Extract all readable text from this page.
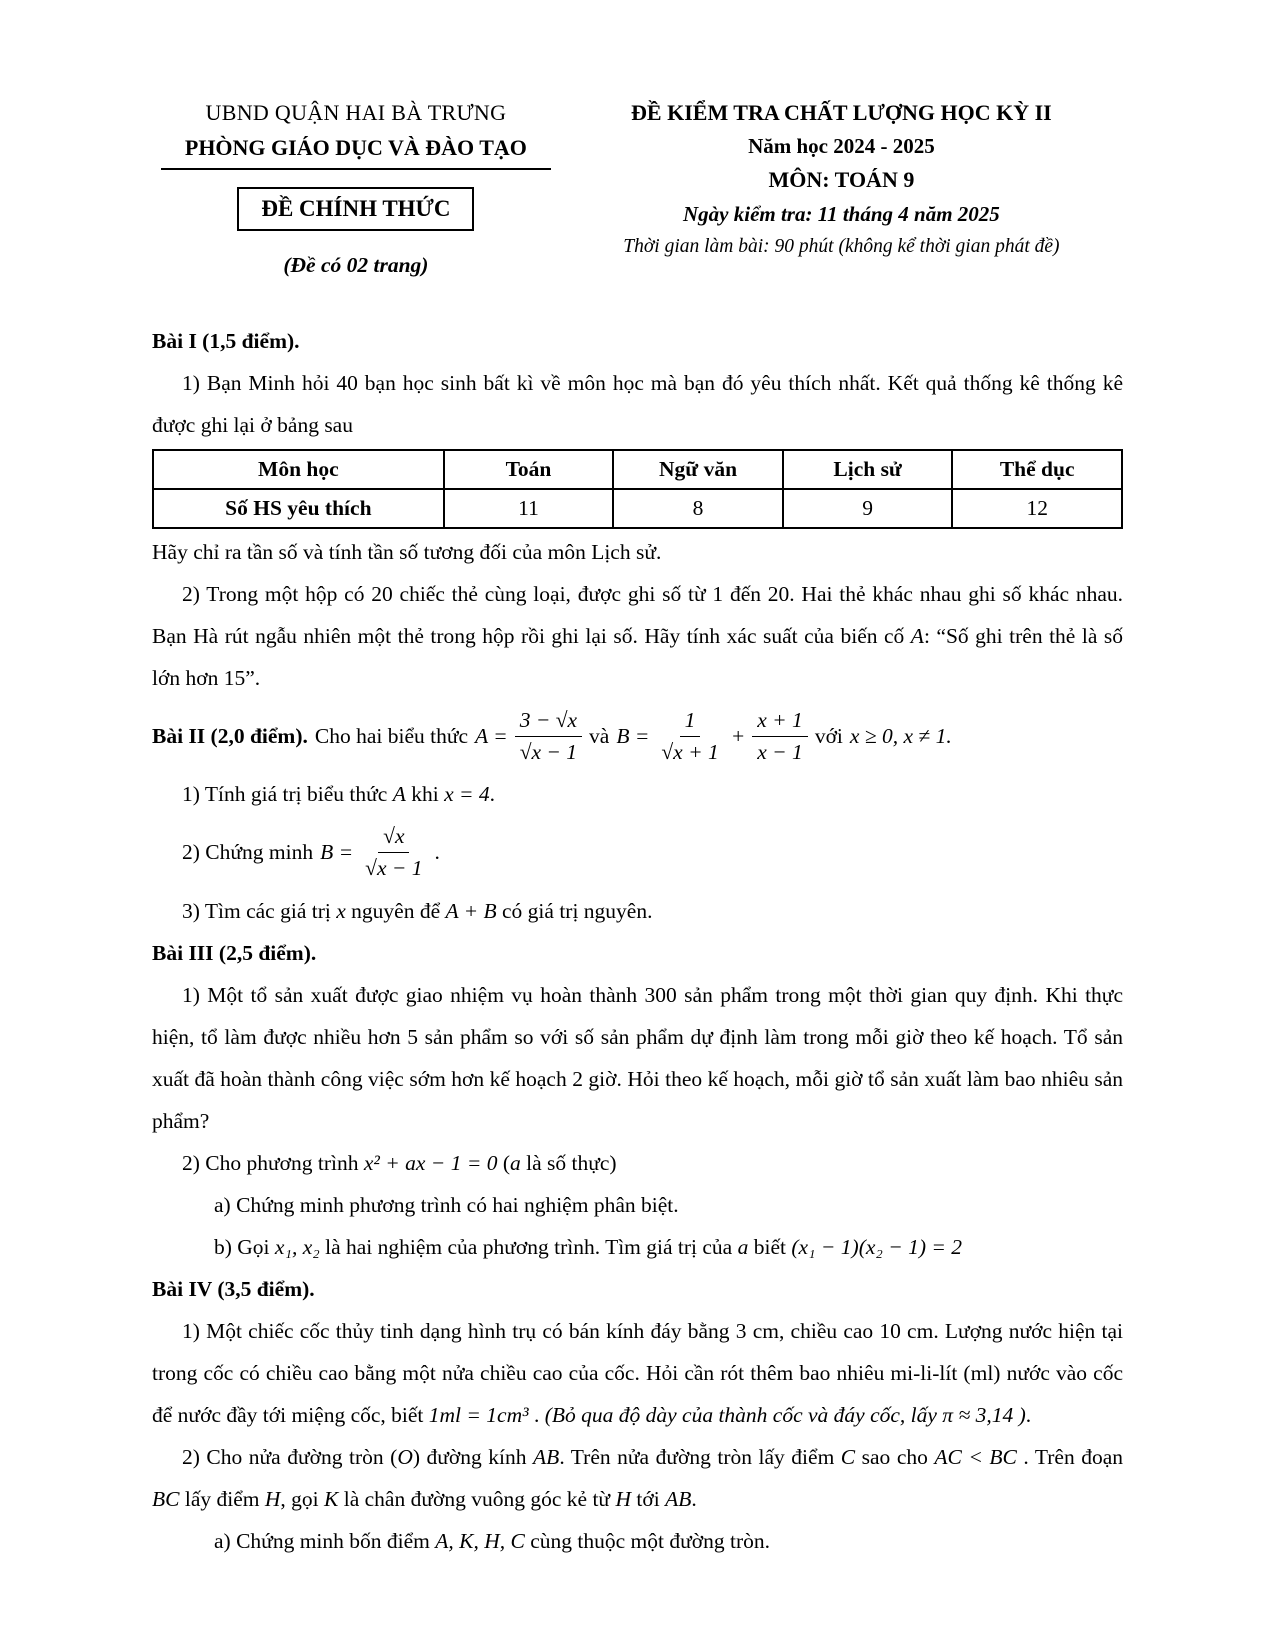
UBND QUẬN HAI BÀ TRƯNG
PHÒNG GIÁO DỤC VÀ ĐÀO TẠO
ĐỀ CHÍNH THỨC
(Đề có 02 trang)
ĐỀ KIỂM TRA CHẤT LƯỢNG HỌC KỲ II
Năm học 2024 - 2025
MÔN: TOÁN 9
Ngày kiểm tra: 11 tháng 4 năm 2025
Thời gian làm bài: 90 phút (không kể thời gian phát đề)
Bài I (1,5 điểm).
1) Bạn Minh hỏi 40 bạn học sinh bất kì về môn học mà bạn đó yêu thích nhất. Kết quả thống kê thống kê được ghi lại ở bảng sau
Môn học	Toán	Ngữ văn	Lịch sử	Thể dục
Số HS yêu thích	11	8	9	12
Hãy chỉ ra tần số và tính tần số tương đối của môn Lịch sử.
2) Trong một hộp có 20 chiếc thẻ cùng loại, được ghi số từ 1 đến 20. Hai thẻ khác nhau ghi số khác nhau. Bạn Hà rút ngẫu nhiên một thẻ trong hộp rồi ghi lại số. Hãy tính xác suất của biến cố A: “Số ghi trên thẻ là số lớn hơn 15”.
Bài II (2,0 điểm). Cho hai biểu thức $A = \frac{3 - √x}{√x - 1}$ và $B = \frac{1}{√x + 1} + \frac{x + 1}{x - 1}$ với x ≥ 0, x ≠ 1.
1) Tính giá trị biểu thức A khi x = 4.
2) Chứng minh $B = \frac{√x}{√x - 1}$ .
3) Tìm các giá trị x nguyên để A + B có giá trị nguyên.
Bài III (2,5 điểm).
1) Một tổ sản xuất được giao nhiệm vụ hoàn thành 300 sản phẩm trong một thời gian quy định. Khi thực hiện, tổ làm được nhiều hơn 5 sản phẩm so với số sản phẩm dự định làm trong mỗi giờ theo kế hoạch. Tổ sản xuất đã hoàn thành công việc sớm hơn kế hoạch 2 giờ. Hỏi theo kế hoạch, mỗi giờ tổ sản xuất làm bao nhiêu sản phẩm?
2) Cho phương trình x² + ax − 1 = 0 (a là số thực)
a) Chứng minh phương trình có hai nghiệm phân biệt.
b) Gọi x₁, x₂ là hai nghiệm của phương trình. Tìm giá trị của a biết (x₁ − 1)(x₂ − 1) = 2
Bài IV (3,5 điểm).
1) Một chiếc cốc thủy tinh dạng hình trụ có bán kính đáy bằng 3 cm, chiều cao 10 cm. Lượng nước hiện tại trong cốc có chiều cao bằng một nửa chiều cao của cốc. Hỏi cần rót thêm bao nhiêu mi-li-lít (ml) nước vào cốc để nước đầy tới miệng cốc, biết 1ml = 1cm³ . (Bỏ qua độ dày của thành cốc và đáy cốc, lấy π ≈ 3,14 ).
2) Cho nửa đường tròn (O) đường kính AB. Trên nửa đường tròn lấy điểm C sao cho AC < BC . Trên đoạn BC lấy điểm H, gọi K là chân đường vuông góc kẻ từ H tới AB.
a) Chứng minh bốn điểm A, K, H, C cùng thuộc một đường tròn.
